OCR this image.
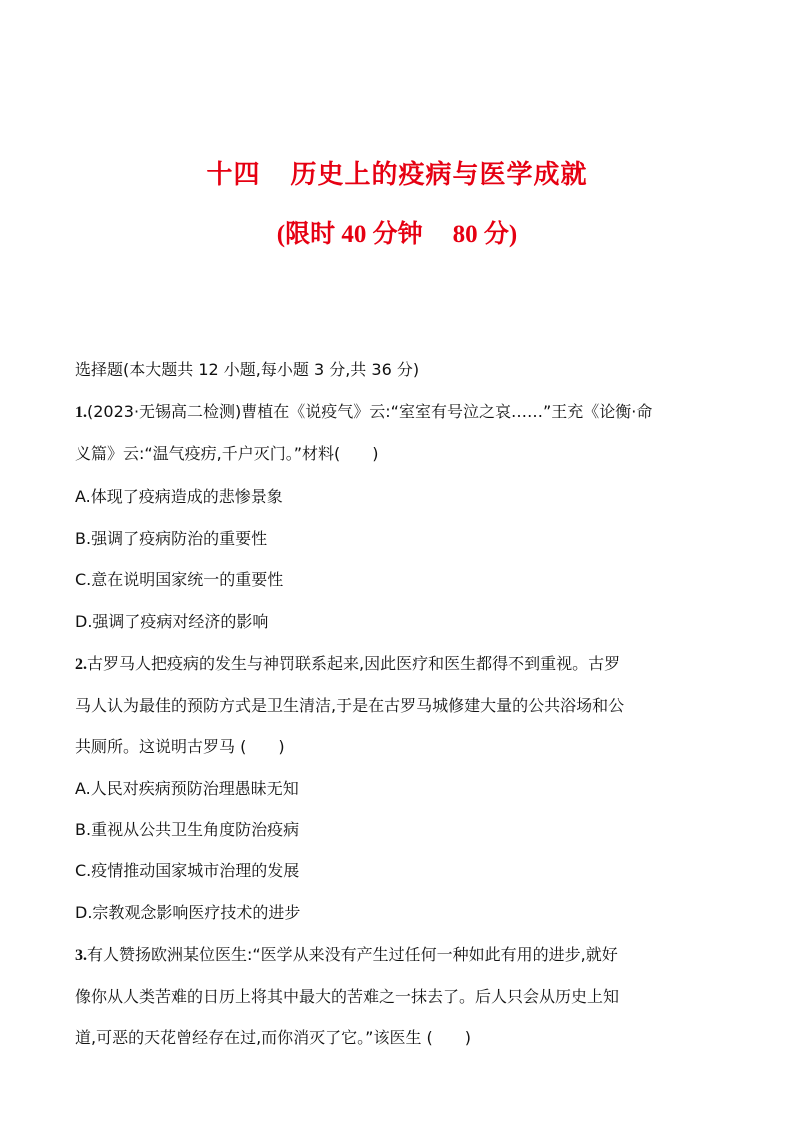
十四 历史上的疫病与医学成就
(限时 40 分钟 80 分)
选择题(本大题共 12 小题,每小题 3 分,共 36 分)
1.(2023·无锡高二检测)曹植在《说疫气》云:“室室有号泣之哀……”王充《论衡·命
义篇》云:“温气疫疠,千户灭门。”材料(　　)
A.体现了疫病造成的悲惨景象
B.强调了疫病防治的重要性
C.意在说明国家统一的重要性
D.强调了疫病对经济的影响
2.古罗马人把疫病的发生与神罚联系起来,因此医疗和医生都得不到重视。古罗
马人认为最佳的预防方式是卫生清洁,于是在古罗马城修建大量的公共浴场和公
共厕所。这说明古罗马 (　　)
A.人民对疾病预防治理愚昧无知
B.重视从公共卫生角度防治疫病
C.疫情推动国家城市治理的发展
D.宗教观念影响医疗技术的进步
3.有人赞扬欧洲某位医生:“医学从来没有产生过任何一种如此有用的进步,就好
像你从人类苦难的日历上将其中最大的苦难之一抹去了。后人只会从历史上知
道,可恶的天花曾经存在过,而你消灭了它。”该医生 (　　)
